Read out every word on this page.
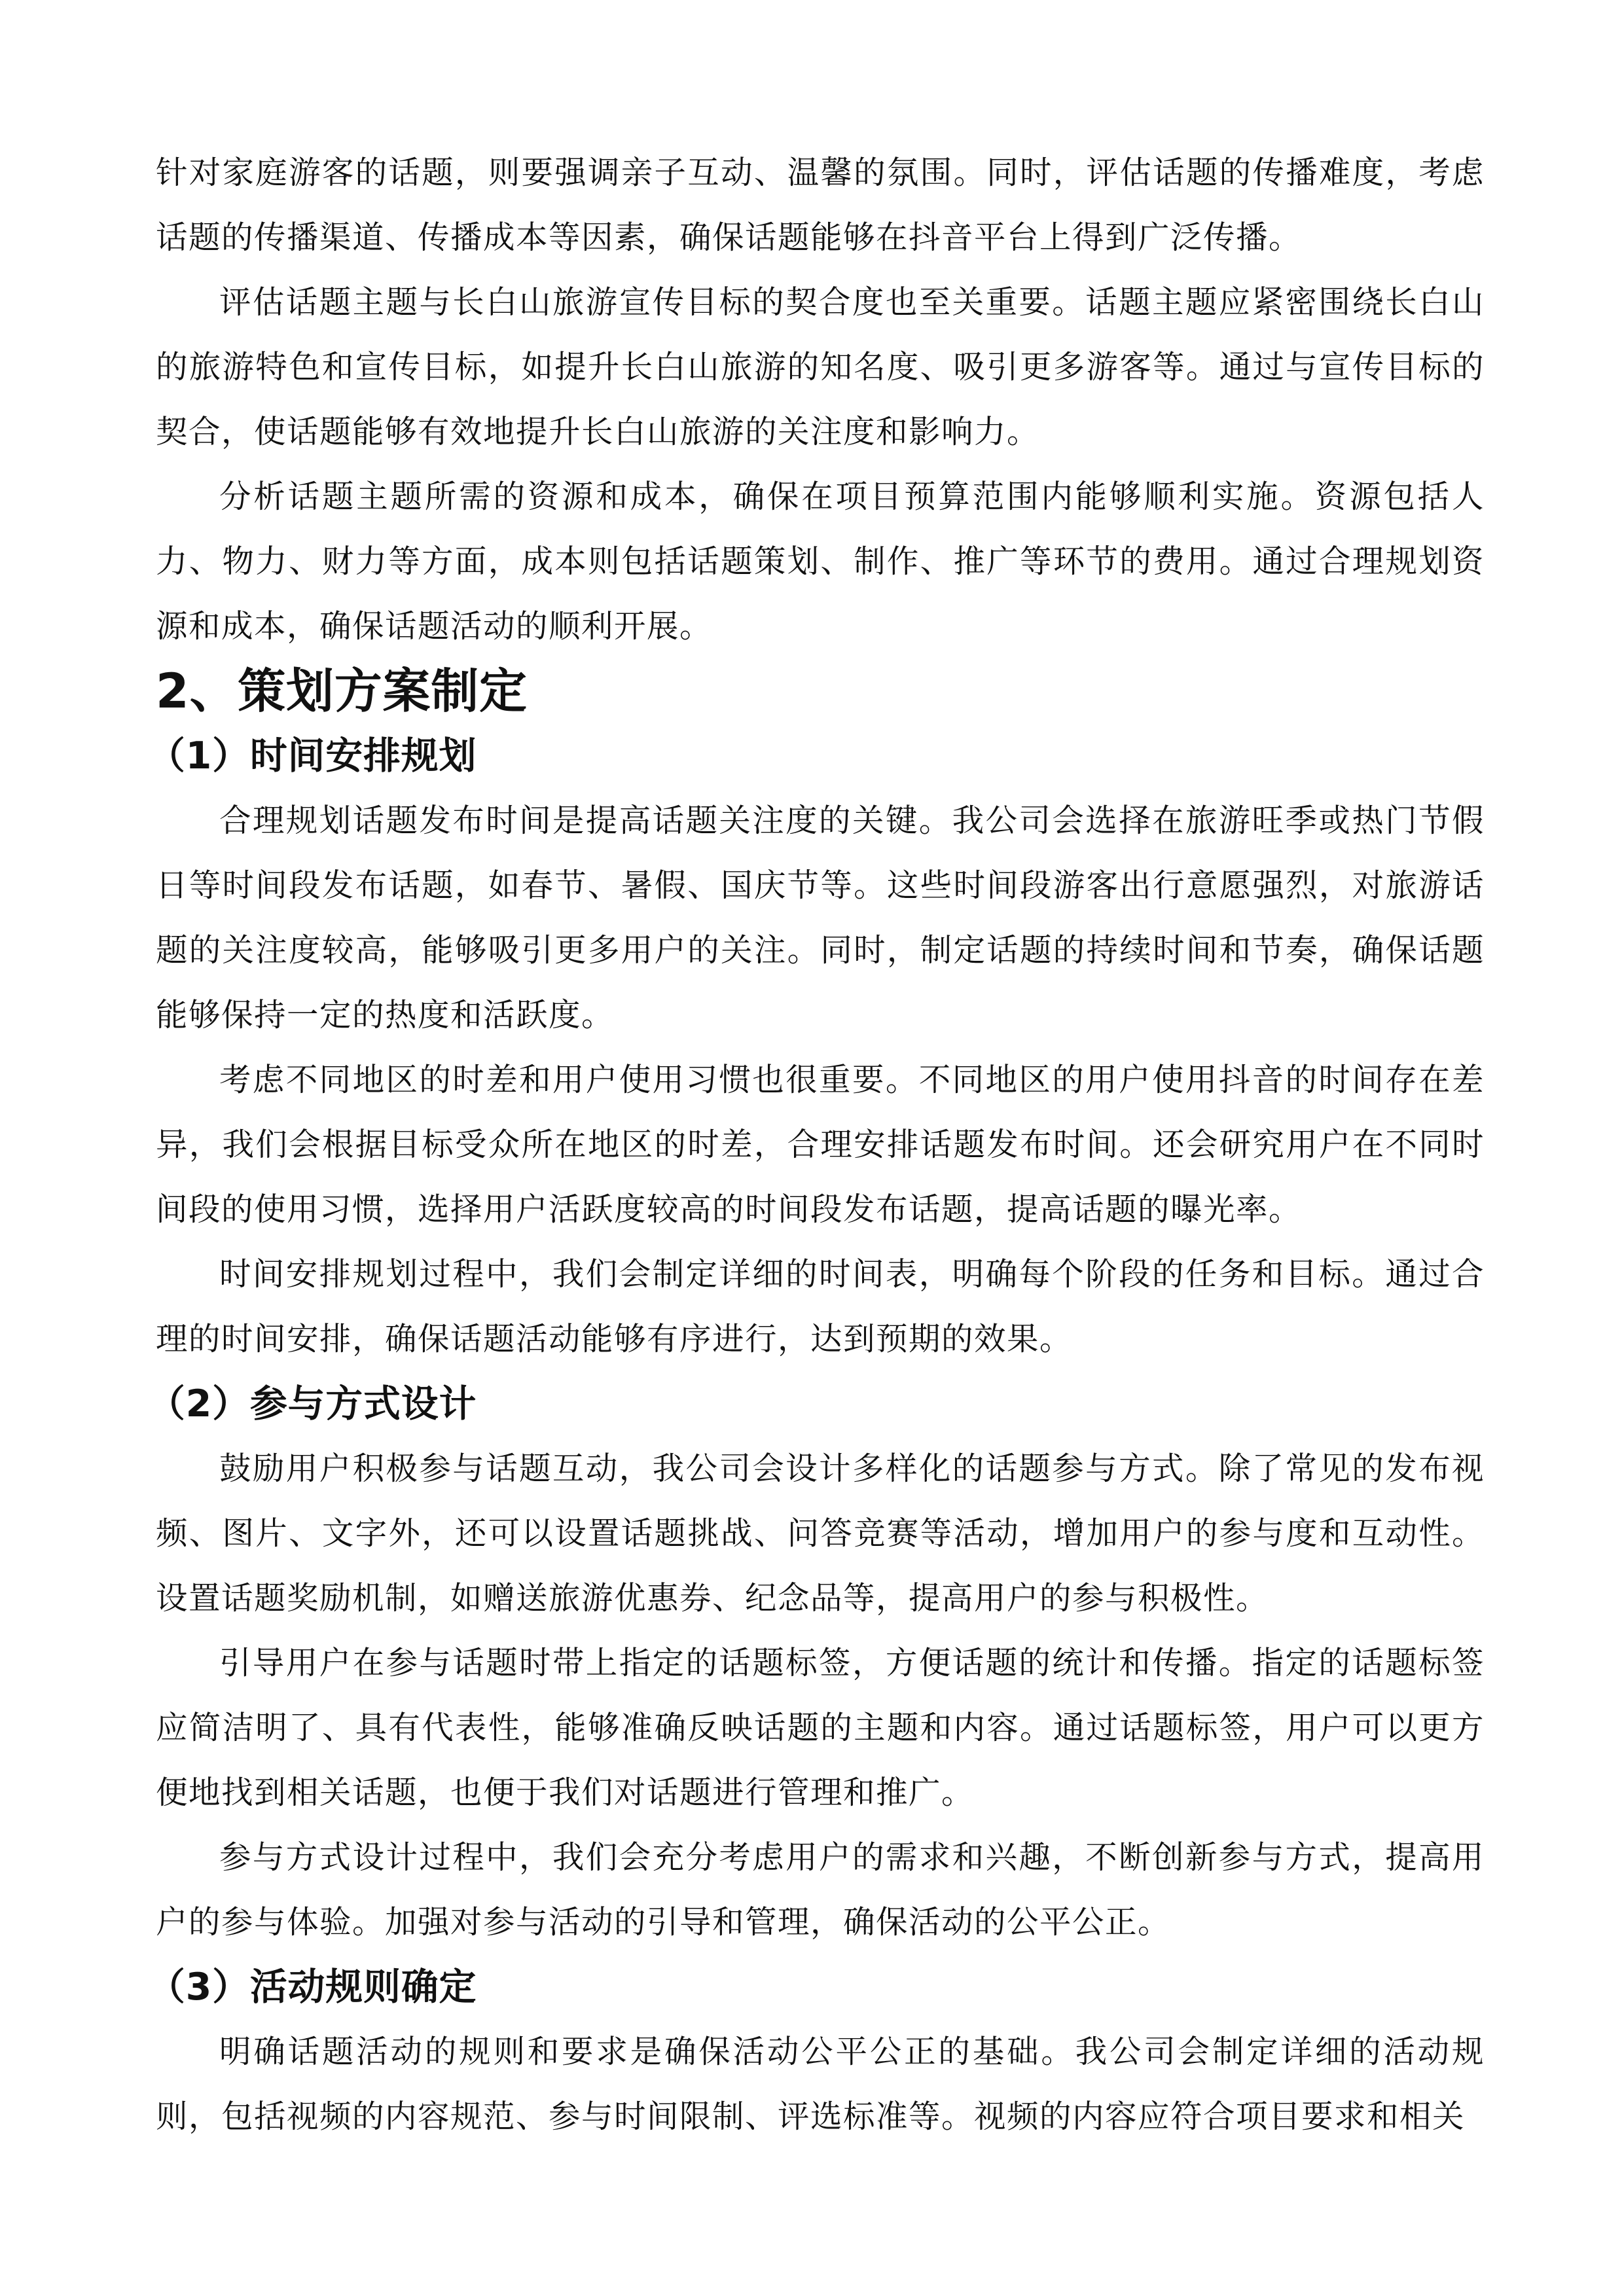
针对家庭游客的话题，则要强调亲子互动、温馨的氛围。同时，评估话题的传播难度，考虑话题的传播渠道、传播成本等因素，确保话题能够在抖音平台上得到广泛传播。

评估话题主题与长白山旅游宣传目标的契合度也至关重要。话题主题应紧密围绕长白山的旅游特色和宣传目标，如提升长白山旅游的知名度、吸引更多游客等。通过与宣传目标的契合，使话题能够有效地提升长白山旅游的关注度和影响力。

分析话题主题所需的资源和成本，确保在项目预算范围内能够顺利实施。资源包括人力、物力、财力等方面，成本则包括话题策划、制作、推广等环节的费用。通过合理规划资源和成本，确保话题活动的顺利开展。

2、策划方案制定
（1）时间安排规划

合理规划话题发布时间是提高话题关注度的关键。我公司会选择在旅游旺季或热门节假日等时间段发布话题，如春节、暑假、国庆节等。这些时间段游客出行意愿强烈，对旅游话题的关注度较高，能够吸引更多用户的关注。同时，制定话题的持续时间和节奏，确保话题能够保持一定的热度和活跃度。

考虑不同地区的时差和用户使用习惯也很重要。不同地区的用户使用抖音的时间存在差异，我们会根据目标受众所在地区的时差，合理安排话题发布时间。还会研究用户在不同时间段的使用习惯，选择用户活跃度较高的时间段发布话题，提高话题的曝光率。

时间安排规划过程中，我们会制定详细的时间表，明确每个阶段的任务和目标。通过合理的时间安排，确保话题活动能够有序进行，达到预期的效果。

（2）参与方式设计

鼓励用户积极参与话题互动，我公司会设计多样化的话题参与方式。除了常见的发布视频、图片、文字外，还可以设置话题挑战、问答竞赛等活动，增加用户的参与度和互动性。设置话题奖励机制，如赠送旅游优惠券、纪念品等，提高用户的参与积极性。

引导用户在参与话题时带上指定的话题标签，方便话题的统计和传播。指定的话题标签应简洁明了、具有代表性，能够准确反映话题的主题和内容。通过话题标签，用户可以更方便地找到相关话题，也便于我们对话题进行管理和推广。

参与方式设计过程中，我们会充分考虑用户的需求和兴趣，不断创新参与方式，提高用户的参与体验。加强对参与活动的引导和管理，确保活动的公平公正。

（3）活动规则确定

明确话题活动的规则和要求是确保活动公平公正的基础。我公司会制定详细的活动规则，包括视频的内容规范、参与时间限制、评选标准等。视频的内容应符合项目要求和相关
